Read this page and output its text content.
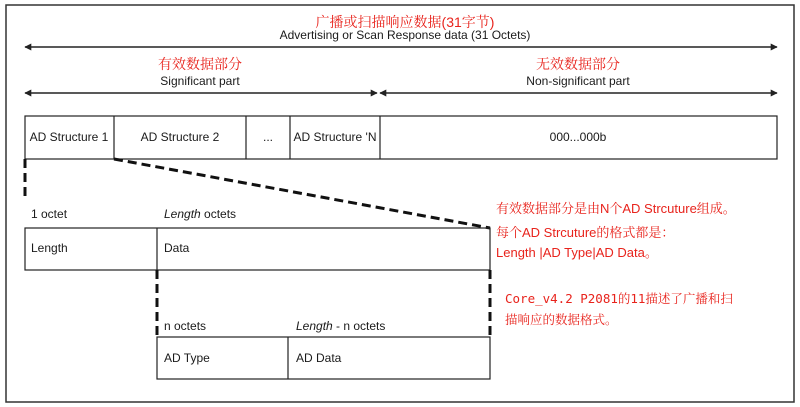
广播或扫描响应数据(31字节)
Advertising or Scan Response data (31 Octets)
有效数据部分
Significant part
无效数据部分
Non-significant part
AD Structure 1	AD Structure 2	... AD Structure 'N	000...000b
1 octet	Length octets
Length	Data
n octets	Length - n octets
AD Type	AD Data
有效数据部分是由N个AD Strcuture组成。
每个AD Strcuture的格式都是：
Length |AD Type|AD Data。
Core_v4.2 P2081的11描述了广播和扫
描响应的数据格式。
